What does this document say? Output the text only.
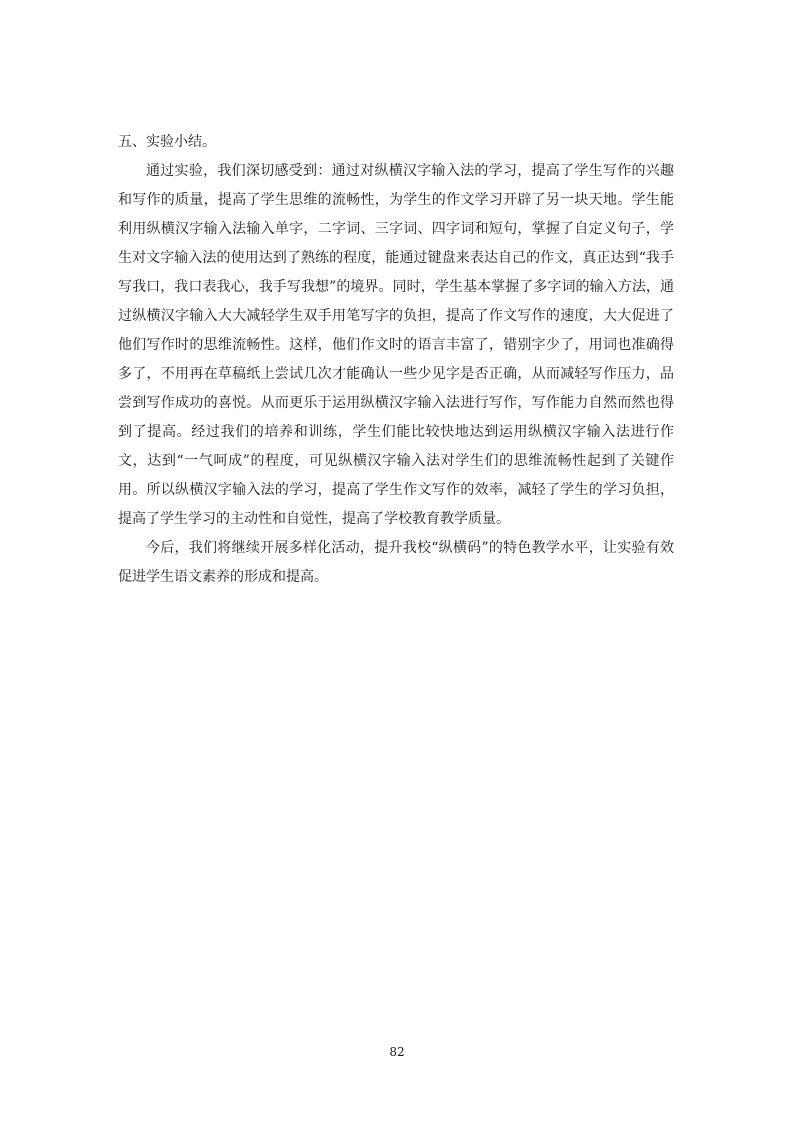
五、实验小结。

通过实验，我们深切感受到：通过对纵横汉字输入法的学习，提高了学生写作的兴趣和写作的质量，提高了学生思维的流畅性，为学生的作文学习开辟了另一块天地。学生能利用纵横汉字输入法输入单字，二字词、三字词、四字词和短句，掌握了自定义句子，学生对文字输入法的使用达到了熟练的程度，能通过键盘来表达自己的作文，真正达到“我手写我口，我口表我心，我手写我想”的境界。同时，学生基本掌握了多字词的输入方法，通过纵横汉字输入大大减轻学生双手用笔写字的负担，提高了作文写作的速度，大大促进了他们写作时的思维流畅性。这样，他们作文时的语言丰富了，错别字少了，用词也准确得多了，不用再在草稿纸上尝试几次才能确认一些少见字是否正确，从而减轻写作压力，品尝到写作成功的喜悦。从而更乐于运用纵横汉字输入法进行写作，写作能力自然而然也得到了提高。经过我们的培养和训练，学生们能比较快地达到运用纵横汉字输入法进行作文，达到“一气呵成”的程度，可见纵横汉字输入法对学生们的思维流畅性起到了关键作用。所以纵横汉字输入法的学习，提高了学生作文写作的效率，减轻了学生的学习负担，提高了学生学习的主动性和自觉性，提高了学校教育教学质量。

今后，我们将继续开展多样化活动，提升我校“纵横码”的特色教学水平，让实验有效促进学生语文素养的形成和提高。

82
